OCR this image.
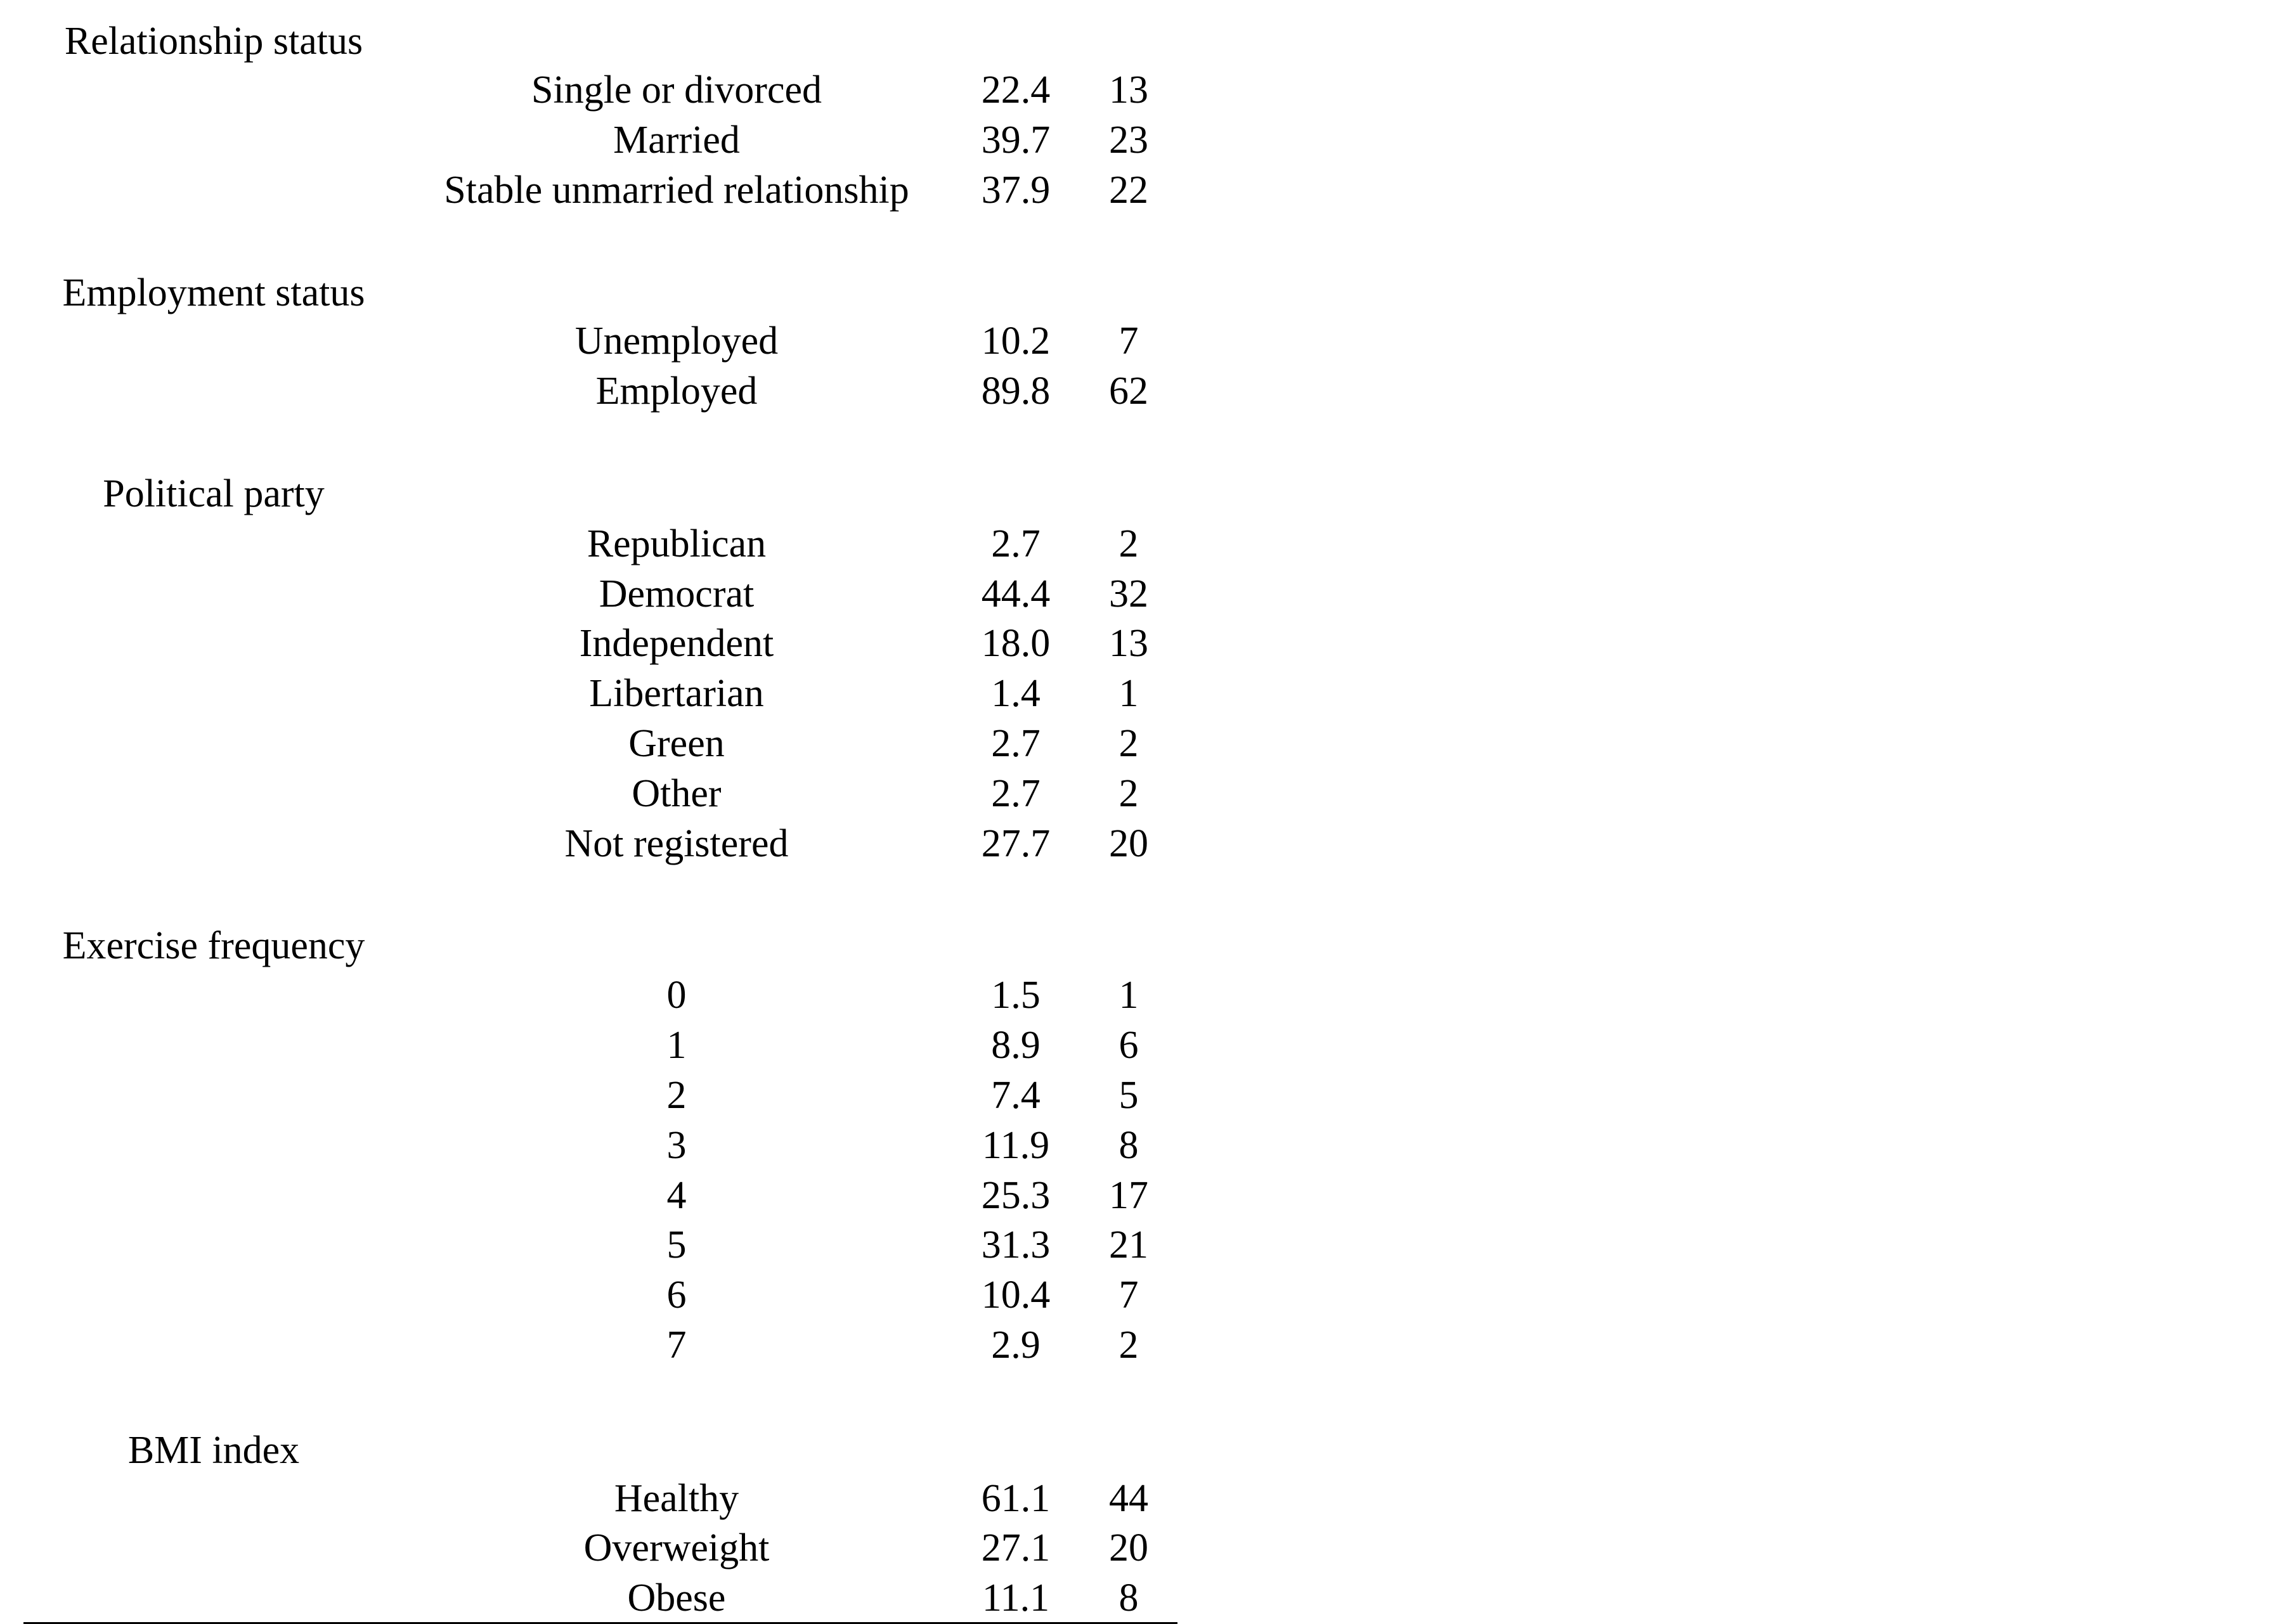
Relationship status
Single or divorced	22.4	13
Married	39.7	23
Stable unmarried relationship	37.9	22
Employment status
Unemployed	10.2	7
Employed	89.8	62
Political party
Republican	2.7	2
Democrat	44.4	32
Independent	18.0	13
Libertarian	1.4	1
Green	2.7	2
Other	2.7	2
Not registered	27.7	20
Exercise frequency
0	1.5	1
1	8.9	6
2	7.4	5
3	11.9	8
4	25.3	17
5	31.3	21
6	10.4	7
7	2.9	2
BMI index
Healthy	61.1	44
Overweight	27.1	20
Obese	11.1	8
